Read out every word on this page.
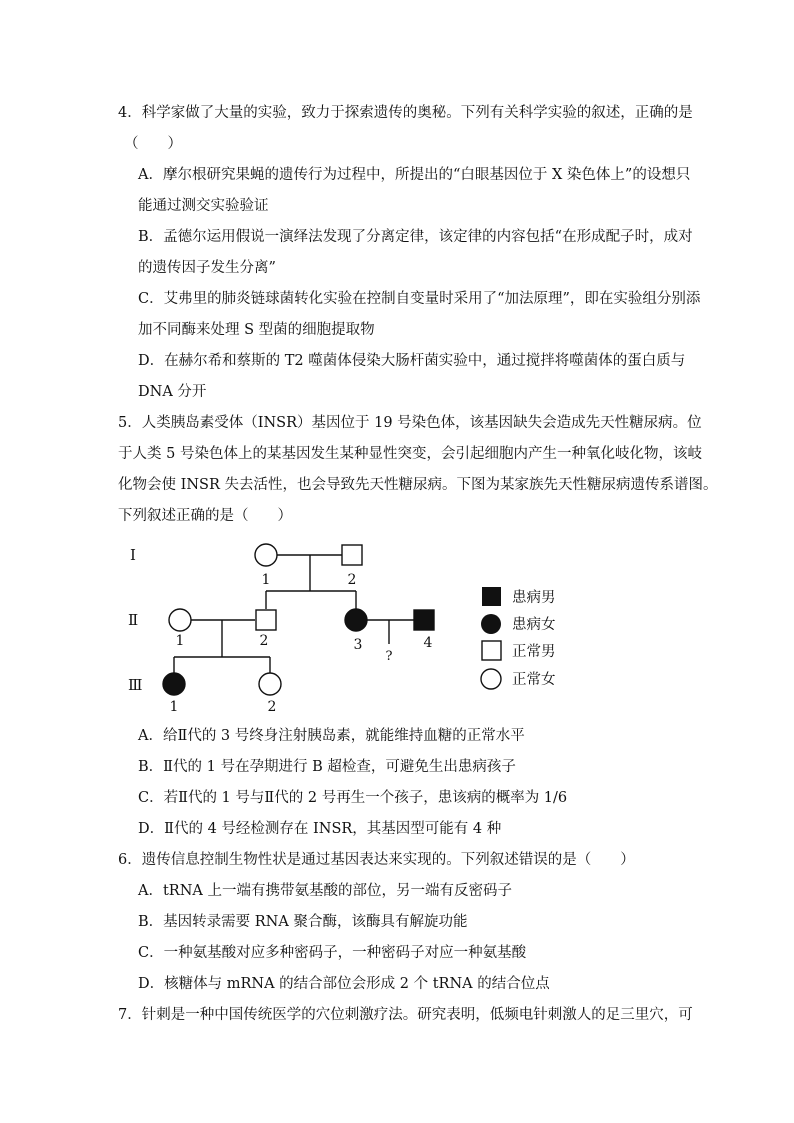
4．科学家做了大量的实验，致力于探索遗传的奥秘。下列有关科学实验的叙述，正确的是
（　　）
A．摩尔根研究果蝇的遗传行为过程中，所提出的“白眼基因位于 X 染色体上”的设想只
能通过测交实验验证
B．孟德尔运用假说一演绎法发现了分离定律，该定律的内容包括“在形成配子时，成对
的遗传因子发生分离”
C．艾弗里的肺炎链球菌转化实验在控制自变量时采用了“加法原理”，即在实验组分别添
加不同酶来处理 S 型菌的细胞提取物
D．在赫尔希和蔡斯的 T2 噬菌体侵染大肠杆菌实验中，通过搅拌将噬菌体的蛋白质与
DNA 分开
5．人类胰岛素受体（INSR）基因位于 19 号染色体，该基因缺失会造成先天性糖尿病。位
于人类 5 号染色体上的某基因发生某种显性突变，会引起细胞内产生一种氧化岐化物，该岐
化物会使 INSR 失去活性，也会导致先天性糖尿病。下图为某家族先天性糖尿病遗传系谱图。
下列叙述正确的是（　　）
Ⅰ
Ⅱ
Ⅲ
1	2
1	2	3	4
?
1	2
患病男
患病女
正常男
正常女
A．给Ⅱ代的 3 号终身注射胰岛素，就能维持血糖的正常水平
B．Ⅱ代的 1 号在孕期进行 B 超检查，可避免生出患病孩子
C．若Ⅱ代的 1 号与Ⅱ代的 2 号再生一个孩子，患该病的概率为 1/6
D．Ⅱ代的 4 号经检测存在 INSR，其基因型可能有 4 种
6．遗传信息控制生物性状是通过基因表达来实现的。下列叙述错误的是（　　）
A．tRNA 上一端有携带氨基酸的部位，另一端有反密码子
B．基因转录需要 RNA 聚合酶，该酶具有解旋功能
C．一种氨基酸对应多种密码子，一种密码子对应一种氨基酸
D．核糖体与 mRNA 的结合部位会形成 2 个 tRNA 的结合位点
7．针刺是一种中国传统医学的穴位刺激疗法。研究表明，低频电针刺激人的足三里穴，可
